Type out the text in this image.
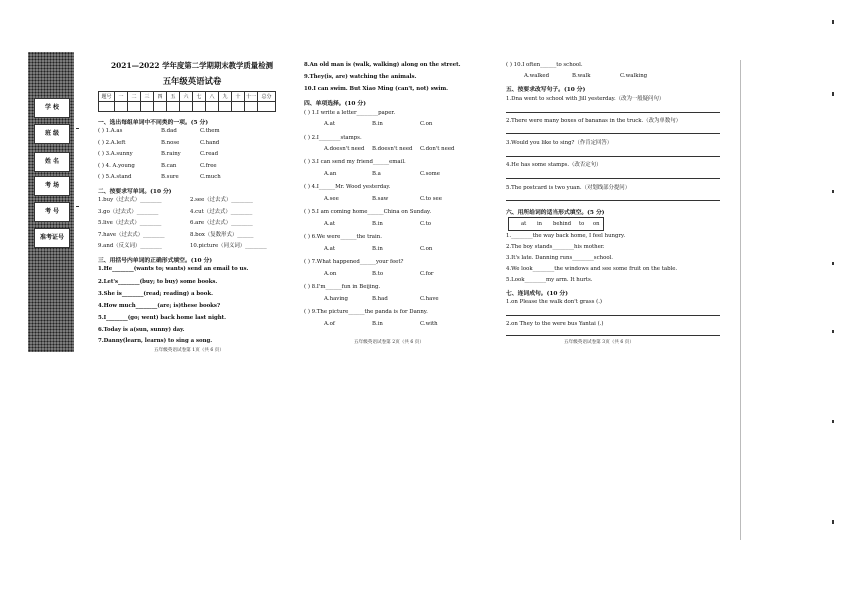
学 校
班 级
姓 名
考 场
考 号
准考证号
2021—2022 学年度第二学期期末教学质量检测
五年级英语试卷
题号	一	二	三	四	五	六	七	八	九	十	十一	总分

一、选出每组单词中不同类的一项。(5 分)
( ) 1.A.as	B.dad	C.them
( ) 2.A.left	B.nose	C.hand
( ) 3.A.sunny	B.rainy	C.read
( ) 4. A.young	B.can	C.free
( ) 5.A.stand	B.sure	C.much
二、按要求写单词。(10 分)
1.buy（过去式）________	2.see（过去式）________
3.go（过去式）________	4.cut（过去式）________
5.live（过去式）________	6.are（过去式）________
7.have（过去式）________	8.box（复数形式）______
9.and（反义词）________	10.picture（同义词）________
三、用括号内单词的正确形式填空。(10 分)
1.He________(wants to; wants) send an email to us.
2.Let's________(buy; to buy) some books.
3.She is________(read; reading) a book.
4.How much________(are; is)these books?
5.I________(go; went) back home last night.
6.Today is a(sun, sunny) day.
7.Danny(learn, learns) to sing a song.
五年级英语试卷第 1页（共 6 页）
8.An old man is (walk, walking) along on the street.
9.They(is, are) watching the animals.
10.I can swim. But Xiao Ming (can't, not) swim.
四、单项选择。(10 分)
( ) 1.I write a letter________paper.
A.at	B.in	C.on
( ) 2.I________stamps.
A.doesn't need B.doesn't need C.don't need
( ) 3.I can send my friend______email.
A.an	B.a	C.some
( ) 4.I______Mr. Wood yesterday.
A.see	B.saw	C.to see
( ) 5.I am coming home______China on Sunday.
A.at	B.in	C.to
( ) 6.We were______the train.
A.at	B.in	C.on
( ) 7.What happened______your feet?
A.on	B.to	C.for
( ) 8.I'm______fun in Beijing.
A.having	B.had	C.have
( ) 9.The picture______the panda is for Danny.
A.of	B.in	C.with
五年级英语试卷第 2页（共 6 页）
( ) 10.I often______to school.
A.walked	B.walk	C.walking
五、按要求改写句子。(10 分)
1.Dna went to school with Jill yesterday.（改为一般疑问句）
2.There were many boxes of bananas in the truck.（改为单数句）
3.Would you like to sing?（作肯定回答）
4.He has some stamps.（改否定句）
5.The postcard is two yuan.（对划线部分提问）
六、用所给词的适当形式填空。(5 分)
at in behind to on
1.________the way back home, I feel hungry.
2.The boy stands________his mother.
3.It's late. Danning runs________school.
4.We look________the windows and see some fruit on the table.
5.Look________my arm. It hurts.
七、连词成句。(10 分)
1.on Please the walk don't grass (.)
2.on They to the were bus Yantai (.)
五年级英语试卷第 3页（共 6 页）
